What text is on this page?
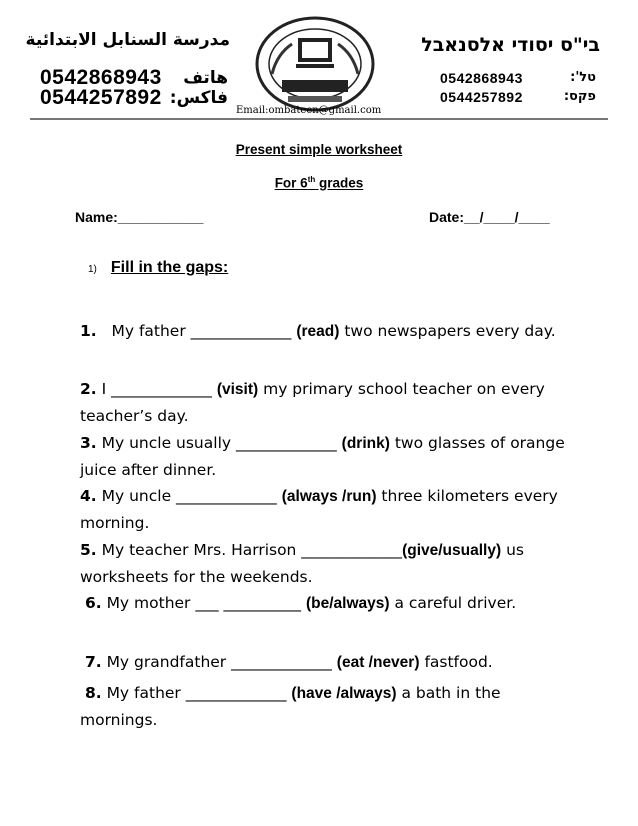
مدرسة السنابل الابتدائية
0542868943	هاتف
0544257892 فاكس:
Email:ombateen@gmail.com
בי"ס יסודי אלסנאבל
0542868943	טל':
0544257892	פקס:
Present simple worksheet
For 6th grades
Name:___________	Date:__/____/____
1) Fill in the gaps:
1. My father _____________ (read) two newspapers every day.
2. I _____________ (visit) my primary school teacher on every teacher’s day.
3. My uncle usually _____________ (drink) two glasses of orange juice after dinner.
4. My uncle _____________ (always /run) three kilometers every morning.
5. My teacher Mrs. Harrison _____________(give/usually) us worksheets for the weekends.
6. My mother ___ __________ (be/always) a careful driver.
7. My grandfather _____________ (eat /never) fastfood.
8. My father _____________ (have /always) a bath in the mornings.
